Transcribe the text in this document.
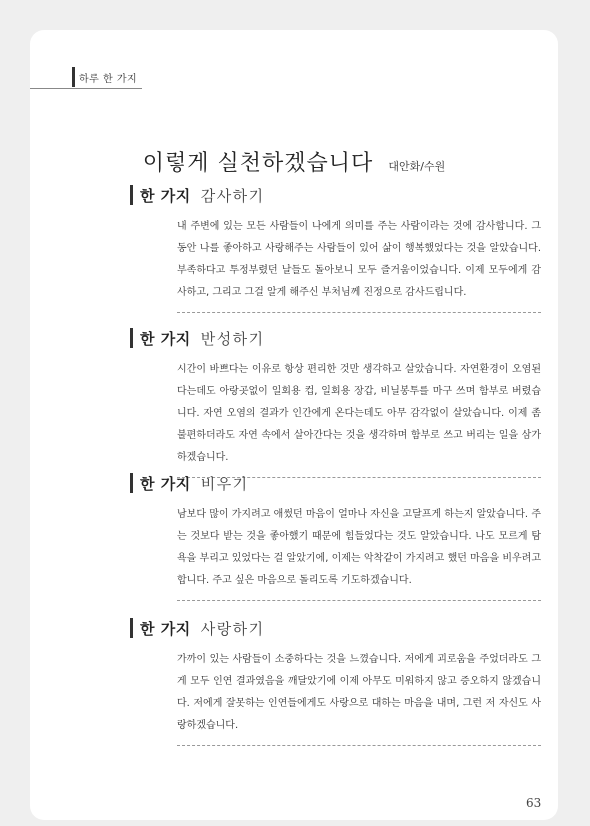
하루 한 가지
이렇게 실천하겠습니다 대안화/수원
한 가지 감사하기
내 주변에 있는 모든 사람들이 나에게 의미를 주는 사람이라는 것에 감사합니다. 그동안 나를 좋아하고 사랑해주는 사람들이 있어 삶이 행복했었다는 것을 알았습니다. 부족하다고 투정부렸던 날들도 돌아보니 모두 즐거움이었습니다. 이제 모두에게 감사하고, 그리고 그걸 알게 해주신 부처님께 진정으로 감사드립니다.
한 가지 반성하기
시간이 바쁘다는 이유로 항상 편리한 것만 생각하고 살았습니다. 자연환경이 오염된다는데도 아랑곳없이 일회용 컵, 일회용 장갑, 비닐봉투를 마구 쓰며 함부로 버렸습니다. 자연 오염의 결과가 인간에게 온다는데도 아무 감각없이 살았습니다. 이제 좀 불편하더라도 자연 속에서 살아간다는 것을 생각하며 함부로 쓰고 버리는 일을 삼가하겠습니다.
한 가지 비우기
남보다 많이 가지려고 애썼던 마음이 얼마나 자신을 고달프게 하는지 알았습니다. 주는 것보다 받는 것을 좋아했기 때문에 힘들었다는 것도 알았습니다. 나도 모르게 탐욕을 부리고 있었다는 걸 알았기에, 이제는 악착같이 가지려고 했던 마음을 비우려고 합니다. 주고 싶은 마음으로 돌리도록 기도하겠습니다.
한 가지 사랑하기
가까이 있는 사람들이 소중하다는 것을 느꼈습니다. 저에게 괴로움을 주었더라도 그게 모두 인연 결과였음을 깨달았기에 이제 아무도 미워하지 않고 증오하지 않겠습니다. 저에게 잘못하는 인연들에게도 사랑으로 대하는 마음을 내며, 그런 저 자신도 사랑하겠습니다.
63
